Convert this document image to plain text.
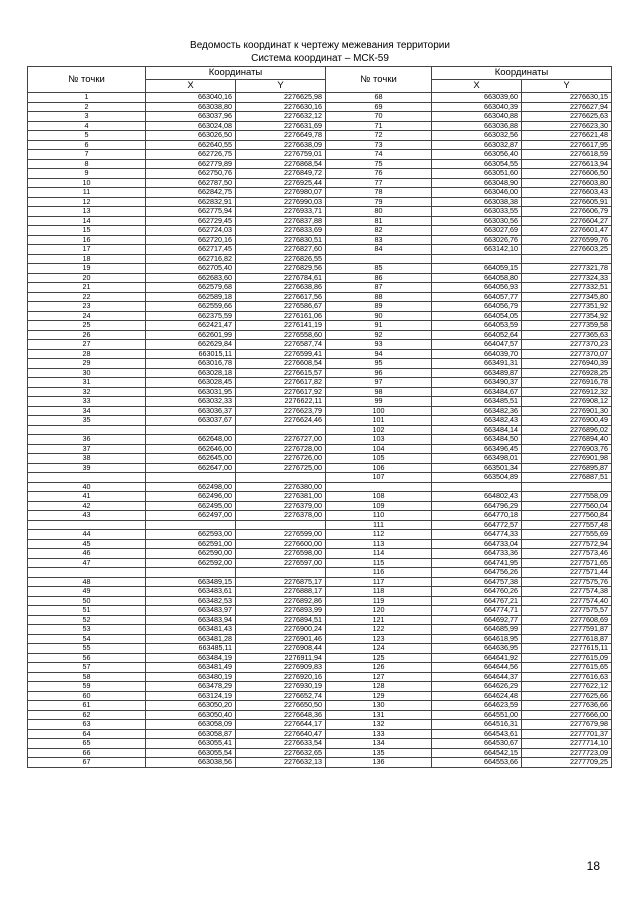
Ведомость координат к чертежу межевания территории
Система координат – МСК-59
№ точки	Координаты		№ точки	Координаты	
	X	Y		X	Y
1	663040,16	2276625,98	68	663039,60	2276630,15
2	663038,80	2276630,16	69	663040,39	2276627,94
3	663037,96	2276632,12	70	663040,88	2276625,63
4	663024,08	2276631,69	71	663036,88	2276623,30
5	663026,50	2276649,78	72	663032,56	2276621,48
6	662640,55	2276638,09	73	663032,87	2276617,95
7	662726,75	2276759,01	74	663056,40	2276618,59
8	662779,89	2276868,54	75	663054,55	2276613,94
9	662750,76	2276849,72	76	663051,60	2276606,50
10	662787,50	2276925,44	77	663048,90	2276603,80
11	662842,75	2276980,07	78	663046,00	2276603,43
12	662832,91	2276990,03	79	663038,38	2276605,91
13	662775,94	2276933,71	80	663033,55	2276606,79
14	662729,45	2276837,88	81	663030,56	2276604,27
15	662724,03	2276833,69	82	663027,69	2276601,47
16	662720,16	2276830,51	83	663026,76	2276599,76
17	662717,45	2276827,60	84	663142,10	2276603,25
18	662716,82	2276826,55			
19	662705,40	2276829,56	85	664059,15	2277321,78
20	662683,60	2276784,61	86	664058,80	2277324,33
21	662579,68	2276638,86	87	664056,93	2277332,51
22	662589,18	2276617,56	88	664057,77	2277345,80
23	662559,66	2276586,67	89	664056,79	2277351,92
24	662375,59	2276161,06	90	664054,05	2277354,92
25	662421,47	2276141,19	91	664053,59	2277359,58
26	662601,99	2276558,60	92	664052,64	2277365,63
27	662629,84	2276587,74	93	664047,57	2277370,23
28	663015,11	2276599,41	94	664039,70	2277370,07
29	663016,78	2276608,54	95	663491,31	2276940,39
30	663028,18	2276615,57	96	663489,87	2276928,25
31	663028,45	2276617,82	97	663490,37	2276916,78
32	663031,95	2276617,92	98	663484,67	2276912,32
33	663032,33	2276622,11	99	663485,51	2276908,12
34	663036,37	2276623,79	100	663482,36	2276901,30
35	663037,67	2276624,46	101	663482,43	2276900,49
			102	663484,14	2276896,02
36	662648,00	2276727,00	103	663484,50	2276894,40
37	662646,00	2276728,00	104	663496,45	2276903,76
38	662645,00	2276726,00	105	663498,01	2276901,98
39	662647,00	2276725,00	106	663501,34	2276895,87
			107	663504,89	2276887,51
40	662498,00	2276380,00			
41	662496,00	2276381,00	108	664802,43	2277558,09
42	662495,00	2276379,00	109	664796,29	2277560,04
43	662497,00	2276378,00	110	664770,18	2277560,84
			111	664772,57	2277557,48
44	662593,00	2276599,00	112	664774,33	2277555,69
45	662591,00	2276600,00	113	664733,04	2277572,94
46	662590,00	2276598,00	114	664733,36	2277573,46
47	662592,00	2276597,00	115	664741,95	2277571,65
			116	664756,26	2277571,44
48	663489,15	2276875,17	117	664757,38	2277575,76
49	663483,61	2276888,17	118	664760,26	2277574,38
50	663482,53	2276892,86	119	664767,21	2277574,40
51	663483,97	2276893,99	120	664774,71	2277575,57
52	663483,94	2276894,51	121	664692,77	2277608,69
53	663481,43	2276900,24	122	664685,99	2277591,87
54	663481,28	2276901,46	123	664618,95	2277618,87
55	663485,11	2276908,44	124	664636,95	2277615,11
56	663484,19	2276911,94	125	664641,92	2277615,09
57	663481,49	2276909,83	126	664644,56	2277615,65
58	663480,19	2276920,16	127	664644,37	2277616,63
59	663478,29	2276930,19	128	664626,29	2277622,12
60	663124,19	2276652,74	129	664624,48	2277625,66
61	663050,20	2276650,50	130	664623,59	2277636,66
62	663050,40	2276648,36	131	664551,00	2277666,00
63	663058,09	2276644,17	132	664516,31	2277679,98
64	663058,87	2276640,47	133	664543,61	2277701,37
65	663055,41	2276633,54	134	664530,67	2277714,10
66	663055,54	2276632,65	135	664542,15	2277723,09
67	663038,56	2276632,13	136	664553,66	2277709,25
18
